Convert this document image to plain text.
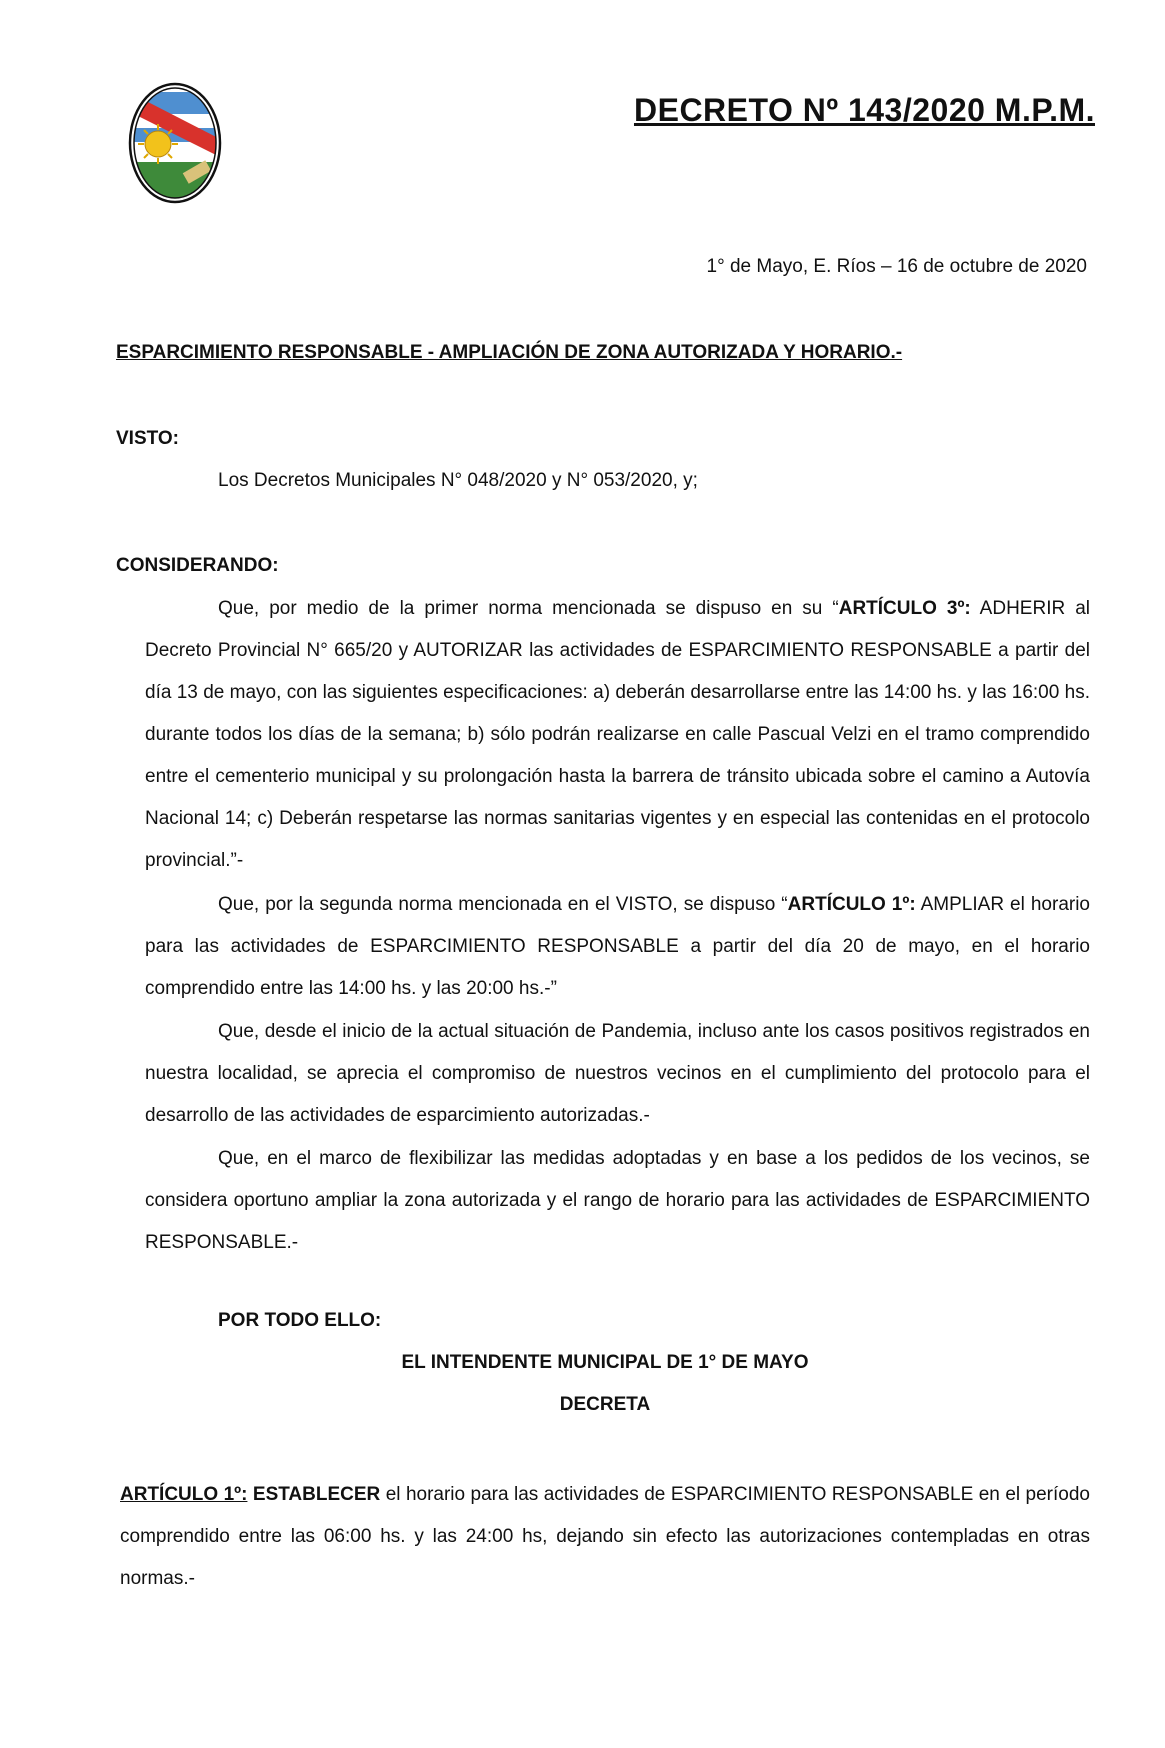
DECRETO Nº 143/2020 M.P.M.
1° de Mayo, E. Ríos – 16 de octubre de 2020
ESPARCIMIENTO RESPONSABLE - AMPLIACIÓN DE ZONA AUTORIZADA Y HORARIO.-
VISTO:
Los Decretos Municipales N° 048/2020 y N° 053/2020, y;
CONSIDERANDO:

Que, por medio de la primer norma mencionada se dispuso en su “ARTÍCULO 3º: ADHERIR al Decreto Provincial N° 665/20 y AUTORIZAR las actividades de ESPARCIMIENTO RESPONSABLE a partir del día 13 de mayo, con las siguientes especificaciones: a) deberán desarrollarse entre las 14:00 hs. y las 16:00 hs. durante todos los días de la semana; b) sólo podrán realizarse en calle Pascual Velzi en el tramo comprendido entre el cementerio municipal y su prolongación hasta la barrera de tránsito ubicada sobre el camino a Autovía Nacional 14; c) Deberán respetarse las normas sanitarias vigentes y en especial las contenidas en el protocolo provincial.”-

Que, por la segunda norma mencionada en el VISTO, se dispuso “ARTÍCULO 1º: AMPLIAR el horario para las actividades de ESPARCIMIENTO RESPONSABLE a partir del día 20 de mayo, en el horario comprendido entre las 14:00 hs. y las 20:00 hs.-”

Que, desde el inicio de la actual situación de Pandemia, incluso ante los casos positivos registrados en nuestra localidad, se aprecia el compromiso de nuestros vecinos en el cumplimiento del protocolo para el desarrollo de las actividades de esparcimiento autorizadas.-

Que, en el marco de flexibilizar las medidas adoptadas y en base a los pedidos de los vecinos, se considera oportuno ampliar la zona autorizada y el rango de horario para las actividades de ESPARCIMIENTO RESPONSABLE.-

POR TODO ELLO:
EL INTENDENTE MUNICIPAL DE 1° DE MAYO
DECRETA

ARTÍCULO 1º: ESTABLECER el horario para las actividades de ESPARCIMIENTO RESPONSABLE en el período comprendido entre las 06:00 hs. y las 24:00 hs, dejando sin efecto las autorizaciones contempladas en otras normas.-
